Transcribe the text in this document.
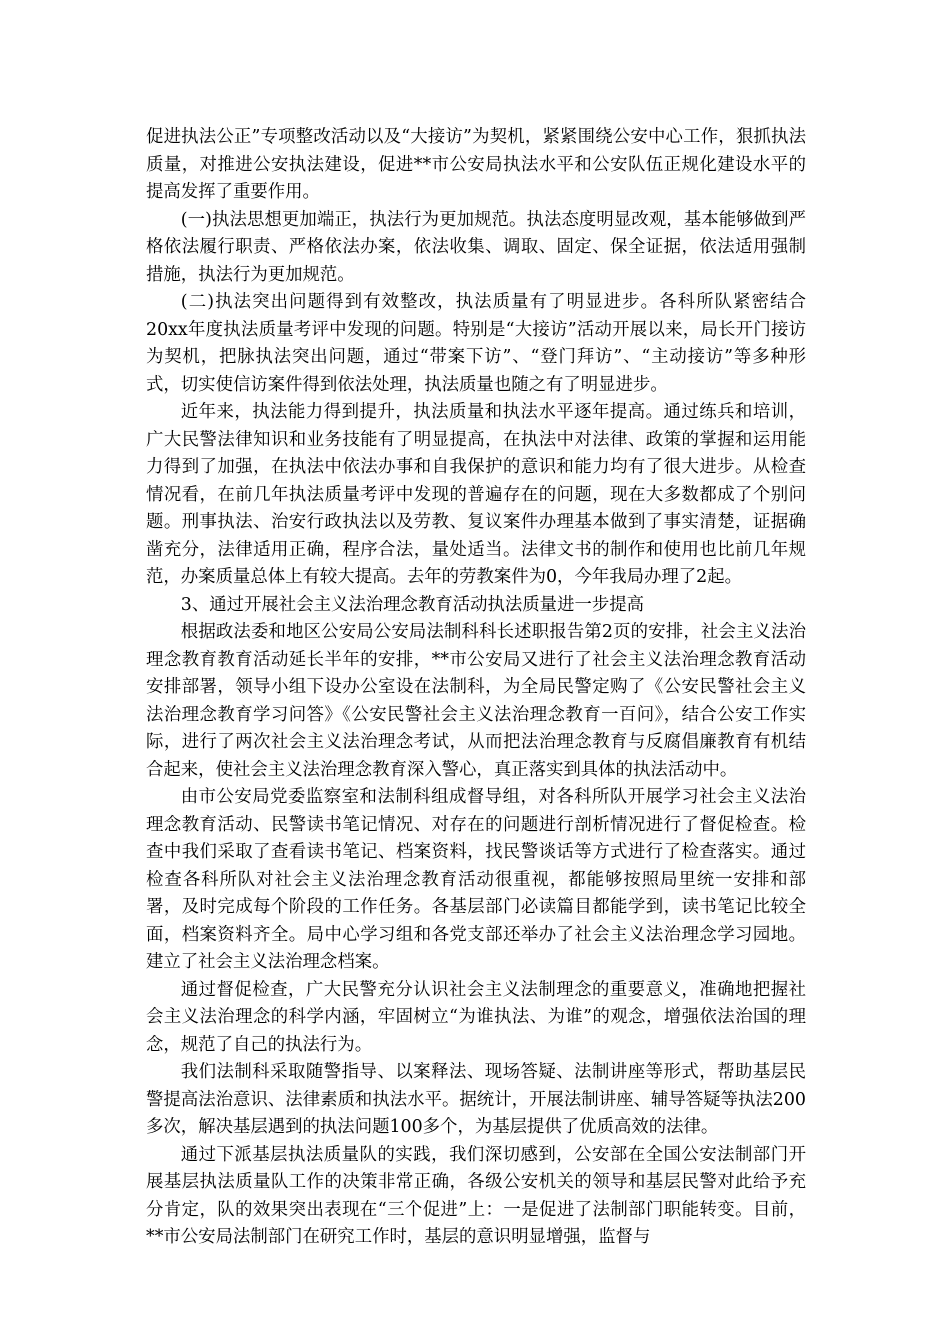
促进执法公正”专项整改活动以及“大接访”为契机，紧紧围绕公安中心工作，狠抓执法质量，对推进公安执法建设，促进**市公安局执法水平和公安队伍正规化建设水平的提高发挥了重要作用。

(一)执法思想更加端正，执法行为更加规范。执法态度明显改观，基本能够做到严格依法履行职责、严格依法办案，依法收集、调取、固定、保全证据，依法适用强制措施，执法行为更加规范。

(二)执法突出问题得到有效整改，执法质量有了明显进步。各科所队紧密结合20xx年度执法质量考评中发现的问题。特别是“大接访”活动开展以来，局长开门接访为契机，把脉执法突出问题，通过“带案下访”、“登门拜访”、“主动接访”等多种形式，切实使信访案件得到依法处理，执法质量也随之有了明显进步。

近年来，执法能力得到提升，执法质量和执法水平逐年提高。通过练兵和培训，广大民警法律知识和业务技能有了明显提高，在执法中对法律、政策的掌握和运用能力得到了加强，在执法中依法办事和自我保护的意识和能力均有了很大进步。从检查情况看，在前几年执法质量考评中发现的普遍存在的问题，现在大多数都成了个别问题。刑事执法、治安行政执法以及劳教、复议案件办理基本做到了事实清楚，证据确凿充分，法律适用正确，程序合法，量处适当。法律文书的制作和使用也比前几年规范，办案质量总体上有较大提高。去年的劳教案件为0，今年我局办理了2起。

3、通过开展社会主义法治理念教育活动执法质量进一步提高

根据政法委和地区公安局公安局法制科科长述职报告第2页的安排，社会主义法治理念教育教育活动延长半年的安排，**市公安局又进行了社会主义法治理念教育活动安排部署，领导小组下设办公室设在法制科，为全局民警定购了《公安民警社会主义法治理念教育学习问答》《公安民警社会主义法治理念教育一百问》，结合公安工作实际，进行了两次社会主义法治理念考试，从而把法治理念教育与反腐倡廉教育有机结合起来，使社会主义法治理念教育深入警心，真正落实到具体的执法活动中。

由市公安局党委监察室和法制科组成督导组，对各科所队开展学习社会主义法治理念教育活动、民警读书笔记情况、对存在的问题进行剖析情况进行了督促检查。检查中我们采取了查看读书笔记、档案资料，找民警谈话等方式进行了检查落实。通过检查各科所队对社会主义法治理念教育活动很重视，都能够按照局里统一安排和部署，及时完成每个阶段的工作任务。各基层部门必读篇目都能学到，读书笔记比较全面，档案资料齐全。局中心学习组和各党支部还举办了社会主义法治理念学习园地。建立了社会主义法治理念档案。

通过督促检查，广大民警充分认识社会主义法制理念的重要意义，准确地把握社会主义法治理念的科学内涵，牢固树立“为谁执法、为谁”的观念，增强依法治国的理念，规范了自己的执法行为。

我们法制科采取随警指导、以案释法、现场答疑、法制讲座等形式，帮助基层民警提高法治意识、法律素质和执法水平。据统计，开展法制讲座、辅导答疑等执法200多次，解决基层遇到的执法问题100多个，为基层提供了优质高效的法律。

通过下派基层执法质量队的实践，我们深切感到，公安部在全国公安法制部门开展基层执法质量队工作的决策非常正确，各级公安机关的领导和基层民警对此给予充分肯定，队的效果突出表现在“三个促进”上：一是促进了法制部门职能转变。目前，**市公安局法制部门在研究工作时，基层的意识明显增强，监督与
